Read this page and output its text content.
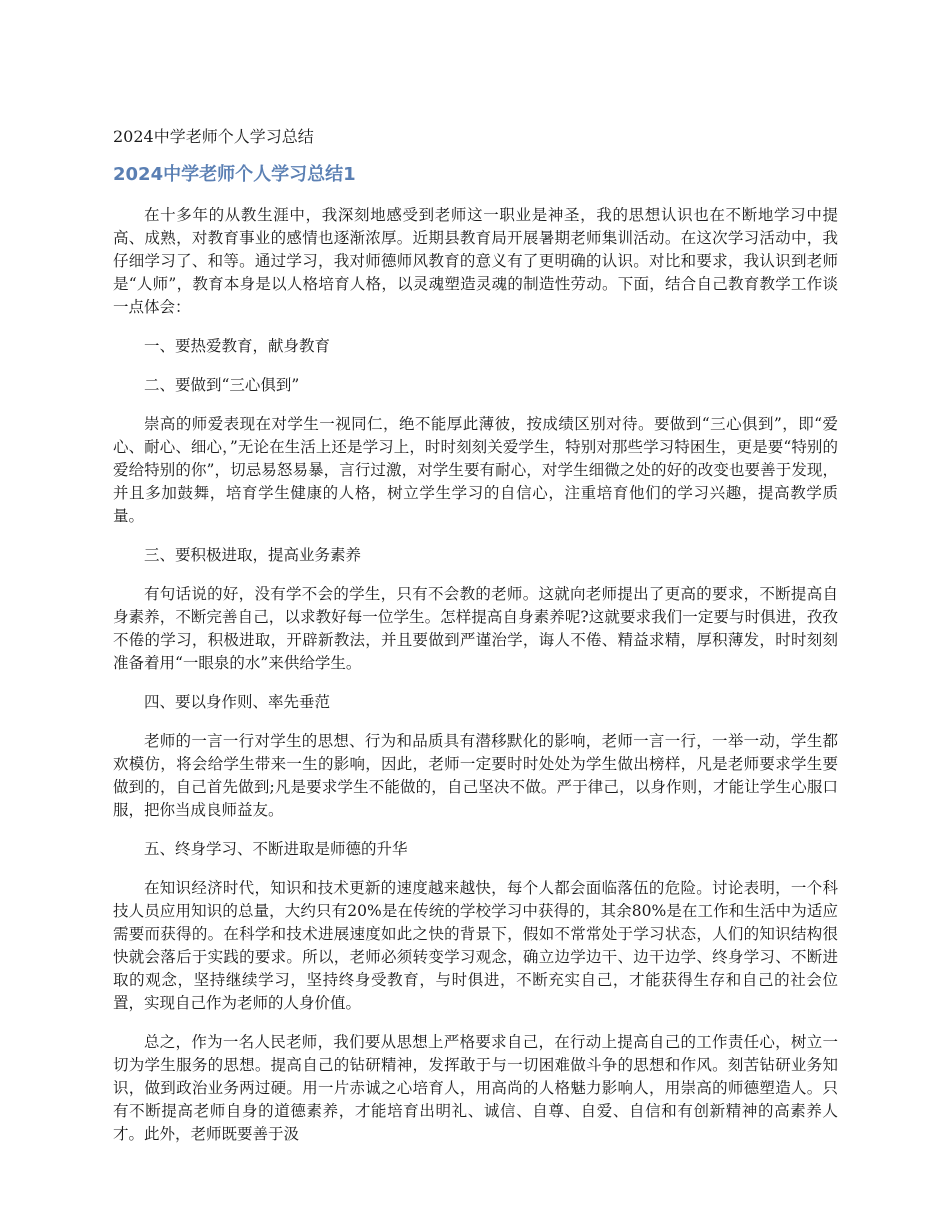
2024中学老师个人学习总结
2024中学老师个人学习总结1

在十多年的从教生涯中，我深刻地感受到老师这一职业是神圣，我的思想认识也在不断地学习中提高、成熟，对教育事业的感情也逐渐浓厚。近期县教育局开展暑期老师集训活动。在这次学习活动中，我仔细学习了、和等。通过学习，我对师德师风教育的意义有了更明确的认识。对比和要求，我认识到老师是“人师”，教育本身是以人格培育人格，以灵魂塑造灵魂的制造性劳动。下面，结合自己教育教学工作谈一点体会：

一、要热爱教育，献身教育

二、要做到“三心俱到”

崇高的师爱表现在对学生一视同仁，绝不能厚此薄彼，按成绩区别对待。要做到“三心俱到”，即“爱心、耐心、细心，”无论在生活上还是学习上，时时刻刻关爱学生，特别对那些学习特困生，更是要“特别的爱给特别的你”，切忌易怒易暴，言行过激，对学生要有耐心，对学生细微之处的好的改变也要善于发现，并且多加鼓舞，培育学生健康的人格，树立学生学习的自信心，注重培育他们的学习兴趣，提高教学质量。

三、要积极进取，提高业务素养

有句话说的好，没有学不会的学生，只有不会教的老师。这就向老师提出了更高的要求，不断提高自身素养，不断完善自己，以求教好每一位学生。怎样提高自身素养呢?这就要求我们一定要与时俱进，孜孜不倦的学习，积极进取，开辟新教法，并且要做到严谨治学，诲人不倦、精益求精，厚积薄发，时时刻刻准备着用“一眼泉的水”来供给学生。

四、要以身作则、率先垂范

老师的一言一行对学生的思想、行为和品质具有潜移默化的影响，老师一言一行，一举一动，学生都欢模仿，将会给学生带来一生的影响，因此，老师一定要时时处处为学生做出榜样，凡是老师要求学生要做到的，自己首先做到;凡是要求学生不能做的，自己坚决不做。严于律己，以身作则，才能让学生心服口服，把你当成良师益友。

五、终身学习、不断进取是师德的升华

在知识经济时代，知识和技术更新的速度越来越快，每个人都会面临落伍的危险。讨论表明，一个科技人员应用知识的总量，大约只有20%是在传统的学校学习中获得的，其余80%是在工作和生活中为适应需要而获得的。在科学和技术进展速度如此之快的背景下，假如不常常处于学习状态，人们的知识结构很快就会落后于实践的要求。所以，老师必须转变学习观念，确立边学边干、边干边学、终身学习、不断进取的观念，坚持继续学习，坚持终身受教育，与时俱进，不断充实自己，才能获得生存和自己的社会位置，实现自己作为老师的人身价值。

总之，作为一名人民老师，我们要从思想上严格要求自己，在行动上提高自己的工作责任心，树立一切为学生服务的思想。提高自己的钻研精神，发挥敢于与一切困难做斗争的思想和作风。刻苦钻研业务知识，做到政治业务两过硬。用一片赤诚之心培育人，用高尚的人格魅力影响人，用崇高的师德塑造人。只有不断提高老师自身的道德素养，才能培育出明礼、诚信、自尊、自爱、自信和有创新精神的高素养人才。此外，老师既要善于汲
